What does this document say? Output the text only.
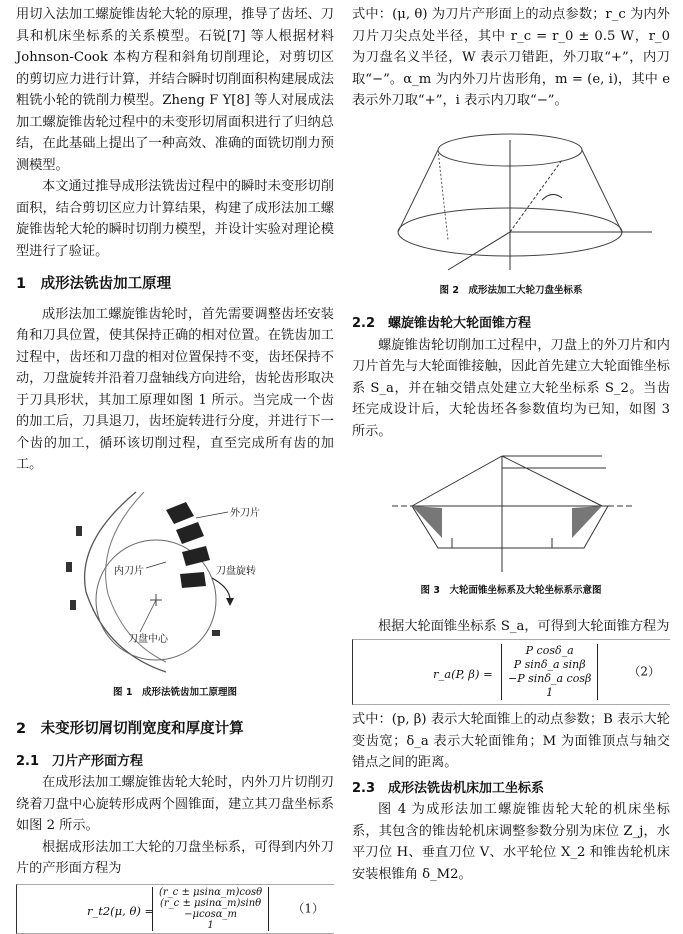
用切入法加工螺旋锥齿轮大轮的原理，推导了齿坯、刀具和机床坐标系的关系模型。石锐[7] 等人根据材料 Johnson-Cook 本构方程和斜角切削理论，对剪切区的剪切应力进行计算，并结合瞬时切削面积构建展成法粗铣小轮的铣削力模型。Zheng F Y[8] 等人对展成法加工螺旋锥齿轮过程中的未变形切屑面积进行了归纳总结，在此基础上提出了一种高效、准确的面铣切削力预测模型。

本文通过推导成形法铣齿过程中的瞬时未变形切削面积，结合剪切区应力计算结果，构建了成形法加工螺旋锥齿轮大轮的瞬时切削力模型，并设计实验对理论模型进行了验证。

1　成形法铣齿加工原理

成形法加工螺旋锥齿轮时，首先需要调整齿坯安装角和刀具位置，使其保持正确的相对位置。在铣齿加工过程中，齿坯和刀盘的相对位置保持不变，齿坯保持不动，刀盘旋转并沿着刀盘轴线方向进给，齿轮齿形取决于刀具形状，其加工原理如图 1 所示。当完成一个齿的加工后，刀具退刀，齿坯旋转进行分度，并进行下一个齿的加工，循环该切削过程，直至完成所有齿的加工。

外刀片
内刀片	刀盘旋转
刀盘中心
图 1　成形法铣齿加工原理图
2　未变形切屑切削宽度和厚度计算
2.1　刀片产形面方程

在成形法加工螺旋锥齿轮大轮时，内外刀片切削刃绕着刀盘中心旋转形成两个圆锥面，建立其刀盘坐标系如图 2 所示。

根据成形法加工大轮的刀盘坐标系，可得到内外刀片的产形面方程为

r_t2(μ, θ) =
(r_c ± μsinα_m)cosθ
(r_c ± μsinα_m)sinθ
−μcosα_m
1
（1）

式中：(μ, θ) 为刀片产形面上的动点参数；r_c 为内外刀片刀尖点处半径，其中 r_c = r_0 ± 0.5 W，r_0 为刀盘名义半径，W 表示刀错距，外刀取“+”，内刀取“−”。α_m 为内外刀片齿形角，m = (e, i)，其中 e 表示外刀取“+”，i 表示内刀取“−”。

图 2　成形法加工大轮刀盘坐标系
2.2　螺旋锥齿轮大轮面锥方程

螺旋锥齿轮切削加工过程中，刀盘上的外刀片和内刀片首先与大轮面锥接触，因此首先建立大轮面锥坐标系 S_a，并在轴交错点处建立大轮坐标系 S_2。当齿坯完成设计后，大轮齿坯各参数值均为已知，如图 3 所示。

图 3　大轮面锥坐标系及大轮坐标系示意图

根据大轮面锥坐标系 S_a，可得到大轮面锥方程为

r_a(P, β) =
P cosδ_a
P sinδ_a sinβ
−P sinδ_a cosβ
1
（2）

式中：(p, β) 表示大轮面锥上的动点参数；B 表示大轮变齿宽；δ_a 表示大轮面锥角；M 为面锥顶点与轴交错点之间的距离。

2.3　成形法铣齿机床加工坐标系

图 4 为成形法加工螺旋锥齿轮大轮的机床坐标系，其包含的锥齿轮机床调整参数分别为床位 Z_j，水平刀位 H、垂直刀位 V、水平轮位 X_2 和锥齿轮机床安装根锥角 δ_M2。
